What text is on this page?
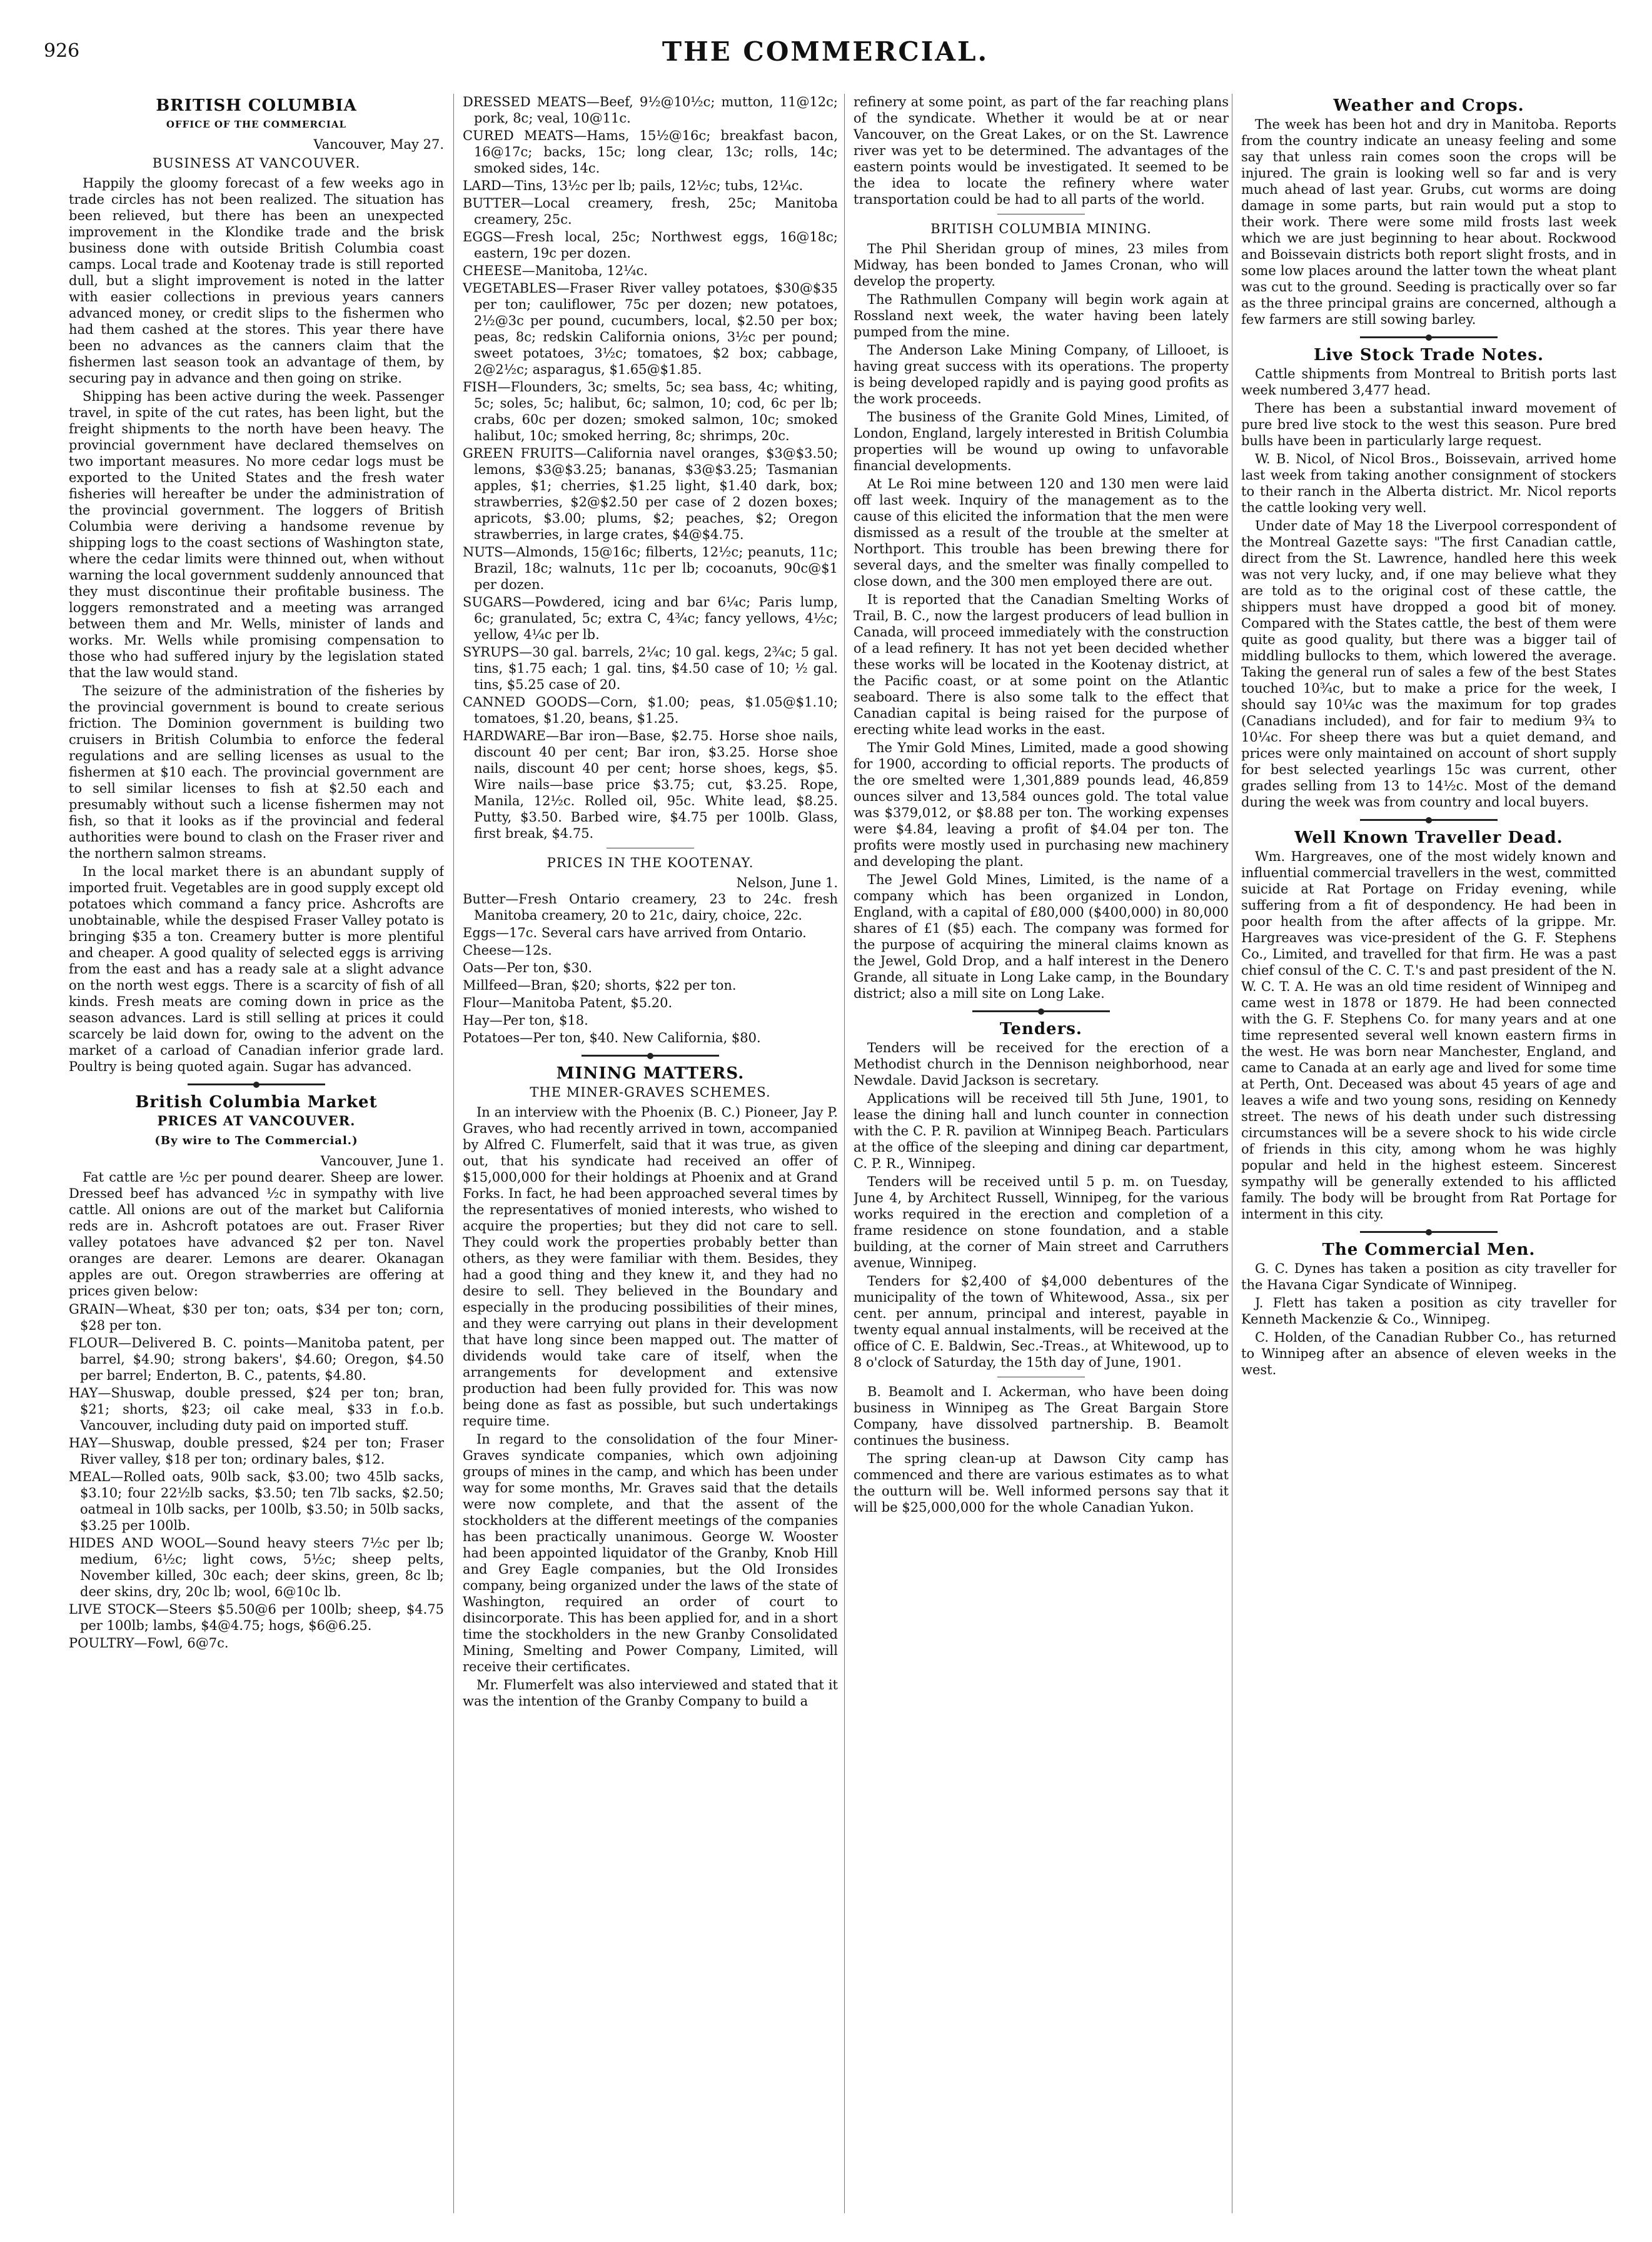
926	THE COMMERCIAL.
BRITISH COLUMBIA
OFFICE OF THE COMMERCIAL

Vancouver, May 27.

BUSINESS AT VANCOUVER.

Happily the gloomy forecast of a few weeks ago in trade circles has not been realized. The situation has been relieved, but there has been an unexpected improvement in the Klondike trade and the brisk business done with outside British Columbia coast camps. Local trade and Kootenay trade is still reported dull, but a slight improvement is noted in the latter with easier collections in previous years canners advanced money, or credit slips to the fishermen who had them cashed at the stores. This year there have been no advances as the canners claim that the fishermen last season took an advantage of them, by securing pay in advance and then going on strike.

Shipping has been active during the week. Passenger travel, in spite of the cut rates, has been light, but the freight shipments to the north have been heavy. The provincial government have declared themselves on two important measures. No more cedar logs must be exported to the United States and the fresh water fisheries will hereafter be under the administration of the provincial government. The loggers of British Columbia were deriving a handsome revenue by shipping logs to the coast sections of Washington state, where the cedar limits were thinned out, when without warning the local government suddenly announced that they must discontinue their profitable business. The loggers remonstrated and a meeting was arranged between them and Mr. Wells, minister of lands and works. Mr. Wells while promising compensation to those who had suffered injury by the legislation stated that the law would stand.

The seizure of the administration of the fisheries by the provincial government is bound to create serious friction. The Dominion government is building two cruisers in British Columbia to enforce the federal regulations and are selling licenses as usual to the fishermen at $10 each. The provincial government are to sell similar licenses to fish at $2.50 each and presumably without such a license fishermen may not fish, so that it looks as if the provincial and federal authorities were bound to clash on the Fraser river and the northern salmon streams.

In the local market there is an abundant supply of imported fruit. Vegetables are in good supply except old potatoes which command a fancy price. Ashcrofts are unobtainable, while the despised Fraser Valley potato is bringing $35 a ton. Creamery butter is more plentiful and cheaper. A good quality of selected eggs is arriving from the east and has a ready sale at a slight advance on the north west eggs. There is a scarcity of fish of all kinds. Fresh meats are coming down in price as the season advances. Lard is still selling at prices it could scarcely be laid down for, owing to the advent on the market of a carload of Canadian inferior grade lard. Poultry is being quoted again. Sugar has advanced.

British Columbia Market
PRICES AT VANCOUVER.
(By wire to The Commercial.)

Vancouver, June 1.

Fat cattle are ½c per pound dearer. Sheep are lower. Dressed beef has advanced ½c in sympathy with live cattle. All onions are out of the market but California reds are in. Ashcroft potatoes are out. Fraser River valley potatoes have advanced $2 per ton. Navel oranges are dearer. Lemons are dearer. Okanagan apples are out. Oregon strawberries are offering at prices given below:

GRAIN—Wheat, $30 per ton; oats, $34 per ton; corn, $28 per ton.

FLOUR—Delivered B. C. points—Manitoba patent, per barrel, $4.90; strong bakers', $4.60; Oregon, $4.50 per barrel; Enderton, B. C., patents, $4.80.

HAY—Shuswap, double pressed, $24 per ton; bran, $21; shorts, $23; oil cake meal, $33 in f.o.b. Vancouver, including duty paid on imported stuff.

HAY—Shuswap, double pressed, $24 per ton; Fraser River valley, $18 per ton; ordinary bales, $12.

MEAL—Rolled oats, 90lb sack, $3.00; two 45lb sacks, $3.10; four 22½lb sacks, $3.50; ten 7lb sacks, $2.50; oatmeal in 10lb sacks, per 100lb, $3.50; in 50lb sacks, $3.25 per 100lb.

HIDES AND WOOL—Sound heavy steers 7½c per lb; medium, 6½c; light cows, 5½c; sheep pelts, November killed, 30c each; deer skins, green, 8c lb; deer skins, dry, 20c lb; wool, 6@10c lb.

LIVE STOCK—Steers $5.50@6 per 100lb; sheep, $4.75 per 100lb; lambs, $4@4.75; hogs, $6@6.25.

POULTRY—Fowl, 6@7c.

DRESSED MEATS—Beef, 9½@10½c; mutton, 11@12c; pork, 8c; veal, 10@11c.

CURED MEATS—Hams, 15½@16c; breakfast bacon, 16@17c; backs, 15c; long clear, 13c; rolls, 14c; smoked sides, 14c.

LARD—Tins, 13½c per lb; pails, 12½c; tubs, 12¼c.

BUTTER—Local creamery, fresh, 25c; Manitoba creamery, 25c.

EGGS—Fresh local, 25c; Northwest eggs, 16@18c; eastern, 19c per dozen.

CHEESE—Manitoba, 12¼c.

VEGETABLES—Fraser River valley potatoes, $30@$35 per ton; cauliflower, 75c per dozen; new potatoes, 2½@3c per pound, cucumbers, local, $2.50 per box; peas, 8c; redskin California onions, 3½c per pound; sweet potatoes, 3½c; tomatoes, $2 box; cabbage, 2@2½c; asparagus, $1.65@$1.85.

FISH—Flounders, 3c; smelts, 5c; sea bass, 4c; whiting, 5c; soles, 5c; halibut, 6c; salmon, 10; cod, 6c per lb; crabs, 60c per dozen; smoked salmon, 10c; smoked halibut, 10c; smoked herring, 8c; shrimps, 20c.

GREEN FRUITS—California navel oranges, $3@$3.50; lemons, $3@$3.25; bananas, $3@$3.25; Tasmanian apples, $1; cherries, $1.25 light, $1.40 dark, box; strawberries, $2@$2.50 per case of 2 dozen boxes; apricots, $3.00; plums, $2; peaches, $2; Oregon strawberries, in large crates, $4@$4.75.

NUTS—Almonds, 15@16c; filberts, 12½c; peanuts, 11c; Brazil, 18c; walnuts, 11c per lb; cocoanuts, 90c@$1 per dozen.

SUGARS—Powdered, icing and bar 6¼c; Paris lump, 6c; granulated, 5c; extra C, 4¾c; fancy yellows, 4½c; yellow, 4¼c per lb.

SYRUPS—30 gal. barrels, 2¼c; 10 gal. kegs, 2¾c; 5 gal. tins, $1.75 each; 1 gal. tins, $4.50 case of 10; ½ gal. tins, $5.25 case of 20.

CANNED GOODS—Corn, $1.00; peas, $1.05@$1.10; tomatoes, $1.20, beans, $1.25.

HARDWARE—Bar iron—Base, $2.75. Horse shoe nails, discount 40 per cent; Bar iron, $3.25. Horse shoe nails, discount 40 per cent; horse shoes, kegs, $5. Wire nails—base price $3.75; cut, $3.25. Rope, Manila, 12½c. Rolled oil, 95c. White lead, $8.25. Putty, $3.50. Barbed wire, $4.75 per 100lb. Glass, first break, $4.75.

PRICES IN THE KOOTENAY.

Nelson, June 1.

Butter—Fresh Ontario creamery, 23 to 24c. fresh Manitoba creamery, 20 to 21c, dairy, choice, 22c.

Eggs—17c. Several cars have arrived from Ontario.

Cheese—12s.

Oats—Per ton, $30.

Millfeed—Bran, $20; shorts, $22 per ton.

Flour—Manitoba Patent, $5.20.

Hay—Per ton, $18.

Potatoes—Per ton, $40. New California, $80.

MINING MATTERS.
THE MINER-GRAVES SCHEMES.

In an interview with the Phoenix (B. C.) Pioneer, Jay P. Graves, who had recently arrived in town, accompanied by Alfred C. Flumerfelt, said that it was true, as given out, that his syndicate had received an offer of $15,000,000 for their holdings at Phoenix and at Grand Forks. In fact, he had been approached several times by the representatives of monied interests, who wished to acquire the properties; but they did not care to sell. They could work the properties probably better than others, as they were familiar with them. Besides, they had a good thing and they knew it, and they had no desire to sell. They believed in the Boundary and especially in the producing possibilities of their mines, and they were carrying out plans in their development that have long since been mapped out. The matter of dividends would take care of itself, when the arrangements for development and extensive production had been fully provided for. This was now being done as fast as possible, but such undertakings require time.

In regard to the consolidation of the four Miner-Graves syndicate companies, which own adjoining groups of mines in the camp, and which has been under way for some months, Mr. Graves said that the details were now complete, and that the assent of the stockholders at the different meetings of the companies has been practically unanimous. George W. Wooster had been appointed liquidator of the Granby, Knob Hill and Grey Eagle companies, but the Old Ironsides company, being organized under the laws of the state of Washington, required an order of court to disincorporate. This has been applied for, and in a short time the stockholders in the new Granby Consolidated Mining, Smelting and Power Company, Limited, will receive their certificates.

Mr. Flumerfelt was also interviewed and stated that it was the intention of the Granby Company to build a

refinery at some point, as part of the far reaching plans of the syndicate. Whether it would be at or near Vancouver, on the Great Lakes, or on the St. Lawrence river was yet to be determined. The advantages of the eastern points would be investigated. It seemed to be the idea to locate the refinery where water transportation could be had to all parts of the world.

BRITISH COLUMBIA MINING.

The Phil Sheridan group of mines, 23 miles from Midway, has been bonded to James Cronan, who will develop the property.

The Rathmullen Company will begin work again at Rossland next week, the water having been lately pumped from the mine.

The Anderson Lake Mining Company, of Lillooet, is having great success with its operations. The property is being developed rapidly and is paying good profits as the work proceeds.

The business of the Granite Gold Mines, Limited, of London, England, largely interested in British Columbia properties will be wound up owing to unfavorable financial developments.

At Le Roi mine between 120 and 130 men were laid off last week. Inquiry of the management as to the cause of this elicited the information that the men were dismissed as a result of the trouble at the smelter at Northport. This trouble has been brewing there for several days, and the smelter was finally compelled to close down, and the 300 men employed there are out.

It is reported that the Canadian Smelting Works of Trail, B. C., now the largest producers of lead bullion in Canada, will proceed immediately with the construction of a lead refinery. It has not yet been decided whether these works will be located in the Kootenay district, at the Pacific coast, or at some point on the Atlantic seaboard. There is also some talk to the effect that Canadian capital is being raised for the purpose of erecting white lead works in the east.

The Ymir Gold Mines, Limited, made a good showing for 1900, according to official reports. The products of the ore smelted were 1,301,889 pounds lead, 46,859 ounces silver and 13,584 ounces gold. The total value was $379,012, or $8.88 per ton. The working expenses were $4.84, leaving a profit of $4.04 per ton. The profits were mostly used in purchasing new machinery and developing the plant.

The Jewel Gold Mines, Limited, is the name of a company which has been organized in London, England, with a capital of £80,000 ($400,000) in 80,000 shares of £1 ($5) each. The company was formed for the purpose of acquiring the mineral claims known as the Jewel, Gold Drop, and a half interest in the Denero Grande, all situate in Long Lake camp, in the Boundary district; also a mill site on Long Lake.

Tenders.

Tenders will be received for the erection of a Methodist church in the Dennison neighborhood, near Newdale. David Jackson is secretary.

Applications will be received till 5th June, 1901, to lease the dining hall and lunch counter in connection with the C. P. R. pavilion at Winnipeg Beach. Particulars at the office of the sleeping and dining car department, C. P. R., Winnipeg.

Tenders will be received until 5 p. m. on Tuesday, June 4, by Architect Russell, Winnipeg, for the various works required in the erection and completion of a frame residence on stone foundation, and a stable building, at the corner of Main street and Carruthers avenue, Winnipeg.

Tenders for $2,400 of $4,000 debentures of the municipality of the town of Whitewood, Assa., six per cent. per annum, principal and interest, payable in twenty equal annual instalments, will be received at the office of C. E. Baldwin, Sec.-Treas., at Whitewood, up to 8 o'clock of Saturday, the 15th day of June, 1901.

B. Beamolt and I. Ackerman, who have been doing business in Winnipeg as The Great Bargain Store Company, have dissolved partnership. B. Beamolt continues the business.

The spring clean-up at Dawson City camp has commenced and there are various estimates as to what the outturn will be. Well informed persons say that it will be $25,000,000 for the whole Canadian Yukon.

Weather and Crops.

The week has been hot and dry in Manitoba. Reports from the country indicate an uneasy feeling and some say that unless rain comes soon the crops will be injured. The grain is looking well so far and is very much ahead of last year. Grubs, cut worms are doing damage in some parts, but rain would put a stop to their work. There were some mild frosts last week which we are just beginning to hear about. Rockwood and Boissevain districts both report slight frosts, and in some low places around the latter town the wheat plant was cut to the ground. Seeding is practically over so far as the three principal grains are concerned, although a few farmers are still sowing barley.

Live Stock Trade Notes.

Cattle shipments from Montreal to British ports last week numbered 3,477 head.

There has been a substantial inward movement of pure bred live stock to the west this season. Pure bred bulls have been in particularly large request.

W. B. Nicol, of Nicol Bros., Boissevain, arrived home last week from taking another consignment of stockers to their ranch in the Alberta district. Mr. Nicol reports the cattle looking very well.

Under date of May 18 the Liverpool correspondent of the Montreal Gazette says: "The first Canadian cattle, direct from the St. Lawrence, handled here this week was not very lucky, and, if one may believe what they are told as to the original cost of these cattle, the shippers must have dropped a good bit of money. Compared with the States cattle, the best of them were quite as good quality, but there was a bigger tail of middling bullocks to them, which lowered the average. Taking the general run of sales a few of the best States touched 10¾c, but to make a price for the week, I should say 10¼c was the maximum for top grades (Canadians included), and for fair to medium 9¾ to 10¼c. For sheep there was but a quiet demand, and prices were only maintained on account of short supply for best selected yearlings 15c was current, other grades selling from 13 to 14½c. Most of the demand during the week was from country and local buyers.

Well Known Traveller Dead.

Wm. Hargreaves, one of the most widely known and influential commercial travellers in the west, committed suicide at Rat Portage on Friday evening, while suffering from a fit of despondency. He had been in poor health from the after affects of la grippe. Mr. Hargreaves was vice-president of the G. F. Stephens Co., Limited, and travelled for that firm. He was a past chief consul of the C. C. T.'s and past president of the N. W. C. T. A. He was an old time resident of Winnipeg and came west in 1878 or 1879. He had been connected with the G. F. Stephens Co. for many years and at one time represented several well known eastern firms in the west. He was born near Manchester, England, and came to Canada at an early age and lived for some time at Perth, Ont. Deceased was about 45 years of age and leaves a wife and two young sons, residing on Kennedy street. The news of his death under such distressing circumstances will be a severe shock to his wide circle of friends in this city, among whom he was highly popular and held in the highest esteem. Sincerest sympathy will be generally extended to his afflicted family. The body will be brought from Rat Portage for interment in this city.

The Commercial Men.

G. C. Dynes has taken a position as city traveller for the Havana Cigar Syndicate of Winnipeg.

J. Flett has taken a position as city traveller for Kenneth Mackenzie & Co., Winnipeg.

C. Holden, of the Canadian Rubber Co., has returned to Winnipeg after an absence of eleven weeks in the west.
